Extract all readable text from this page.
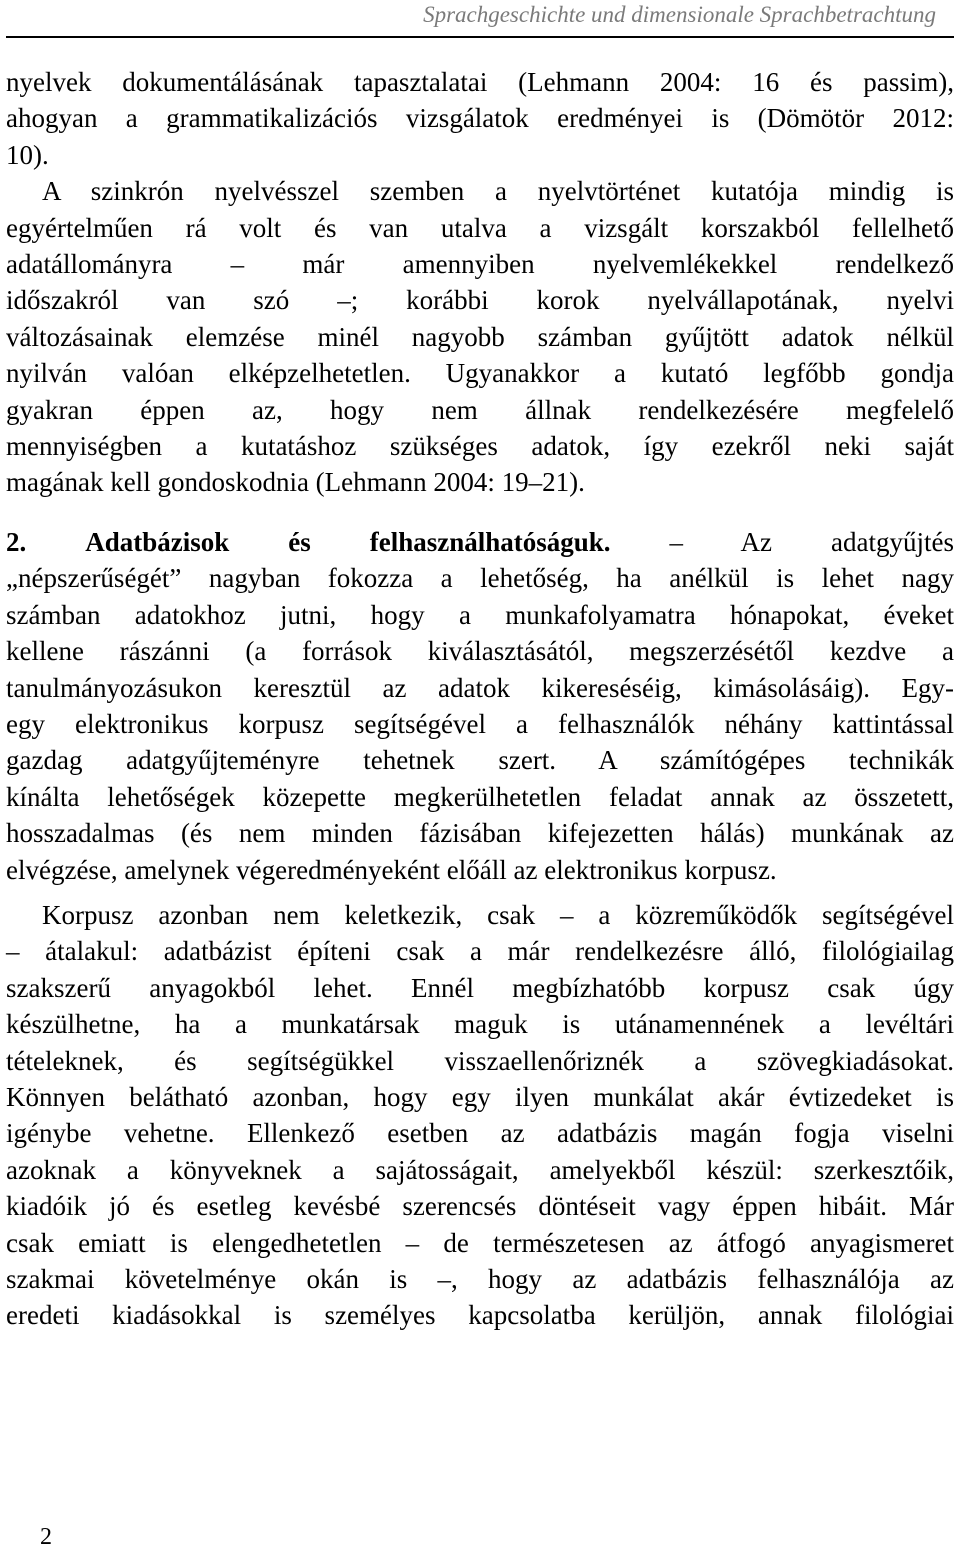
Sprachgeschichte und dimensionale Sprachbetrachtung

nyelvek dokumentálásának tapasztalatai (Lehmann 2004: 16 és passim),
ahogyan a grammatikalizációs vizsgálatok eredményei is (Dömötör 2012:
10).

A szinkrón nyelvésszel szemben a nyelvtörténet kutatója mindig is
egyértelműen rá volt és van utalva a vizsgált korszakból fellelhető
adatállományra – már amennyiben nyelvemlékekkel rendelkező
időszakról van szó –; korábbi korok nyelvállapotának, nyelvi
változásainak elemzése minél nagyobb számban gyűjtött adatok nélkül
nyilván valóan elképzelhetetlen. Ugyanakkor a kutató legfőbb gondja
gyakran éppen az, hogy nem állnak rendelkezésére megfelelő
mennyiségben a kutatáshoz szükséges adatok, így ezekről neki saját
magának kell gondoskodnia (Lehmann 2004: 19–21).

2. Adatbázisok és felhasználhatóságuk. – Az adatgyűjtés
„népszerűségét” nagyban fokozza a lehetőség, ha anélkül is lehet nagy
számban adatokhoz jutni, hogy a munkafolyamatra hónapokat, éveket
kellene rászánni (a források kiválasztásától, megszerzésétől kezdve a
tanulmányozásukon keresztül az adatok kikereséséig, kimásolásáig). Egy-
egy elektronikus korpusz segítségével a felhasználók néhány kattintással
gazdag adatgyűjteményre tehetnek szert. A számítógépes technikák
kínálta lehetőségek közepette megkerülhetetlen feladat annak az összetett,
hosszadalmas (és nem minden fázisában kifejezetten hálás) munkának az
elvégzése, amelynek végeredményeként előáll az elektronikus korpusz.

Korpusz azonban nem keletkezik, csak – a közreműködők segítségével
– átalakul: adatbázist építeni csak a már rendelkezésre álló, filológiailag
szakszerű anyagokból lehet. Ennél megbízhatóbb korpusz csak úgy
készülhetne, ha a munkatársak maguk is utánamennének a levéltári
tételeknek, és segítségükkel visszaellenőriznék a szövegkiadásokat.
Könnyen belátható azonban, hogy egy ilyen munkálat akár évtizedeket is
igénybe vehetne. Ellenkező esetben az adatbázis magán fogja viselni
azoknak a könyveknek a sajátosságait, amelyekből készül: szerkesztőik,
kiadóik jó és esetleg kevésbé szerencsés döntéseit vagy éppen hibáit. Már
csak emiatt is elengedhetetlen – de természetesen az átfogó anyagismeret
szakmai követelménye okán is –, hogy az adatbázis felhasználója az
eredeti kiadásokkal is személyes kapcsolatba kerüljön, annak filológiai

2
